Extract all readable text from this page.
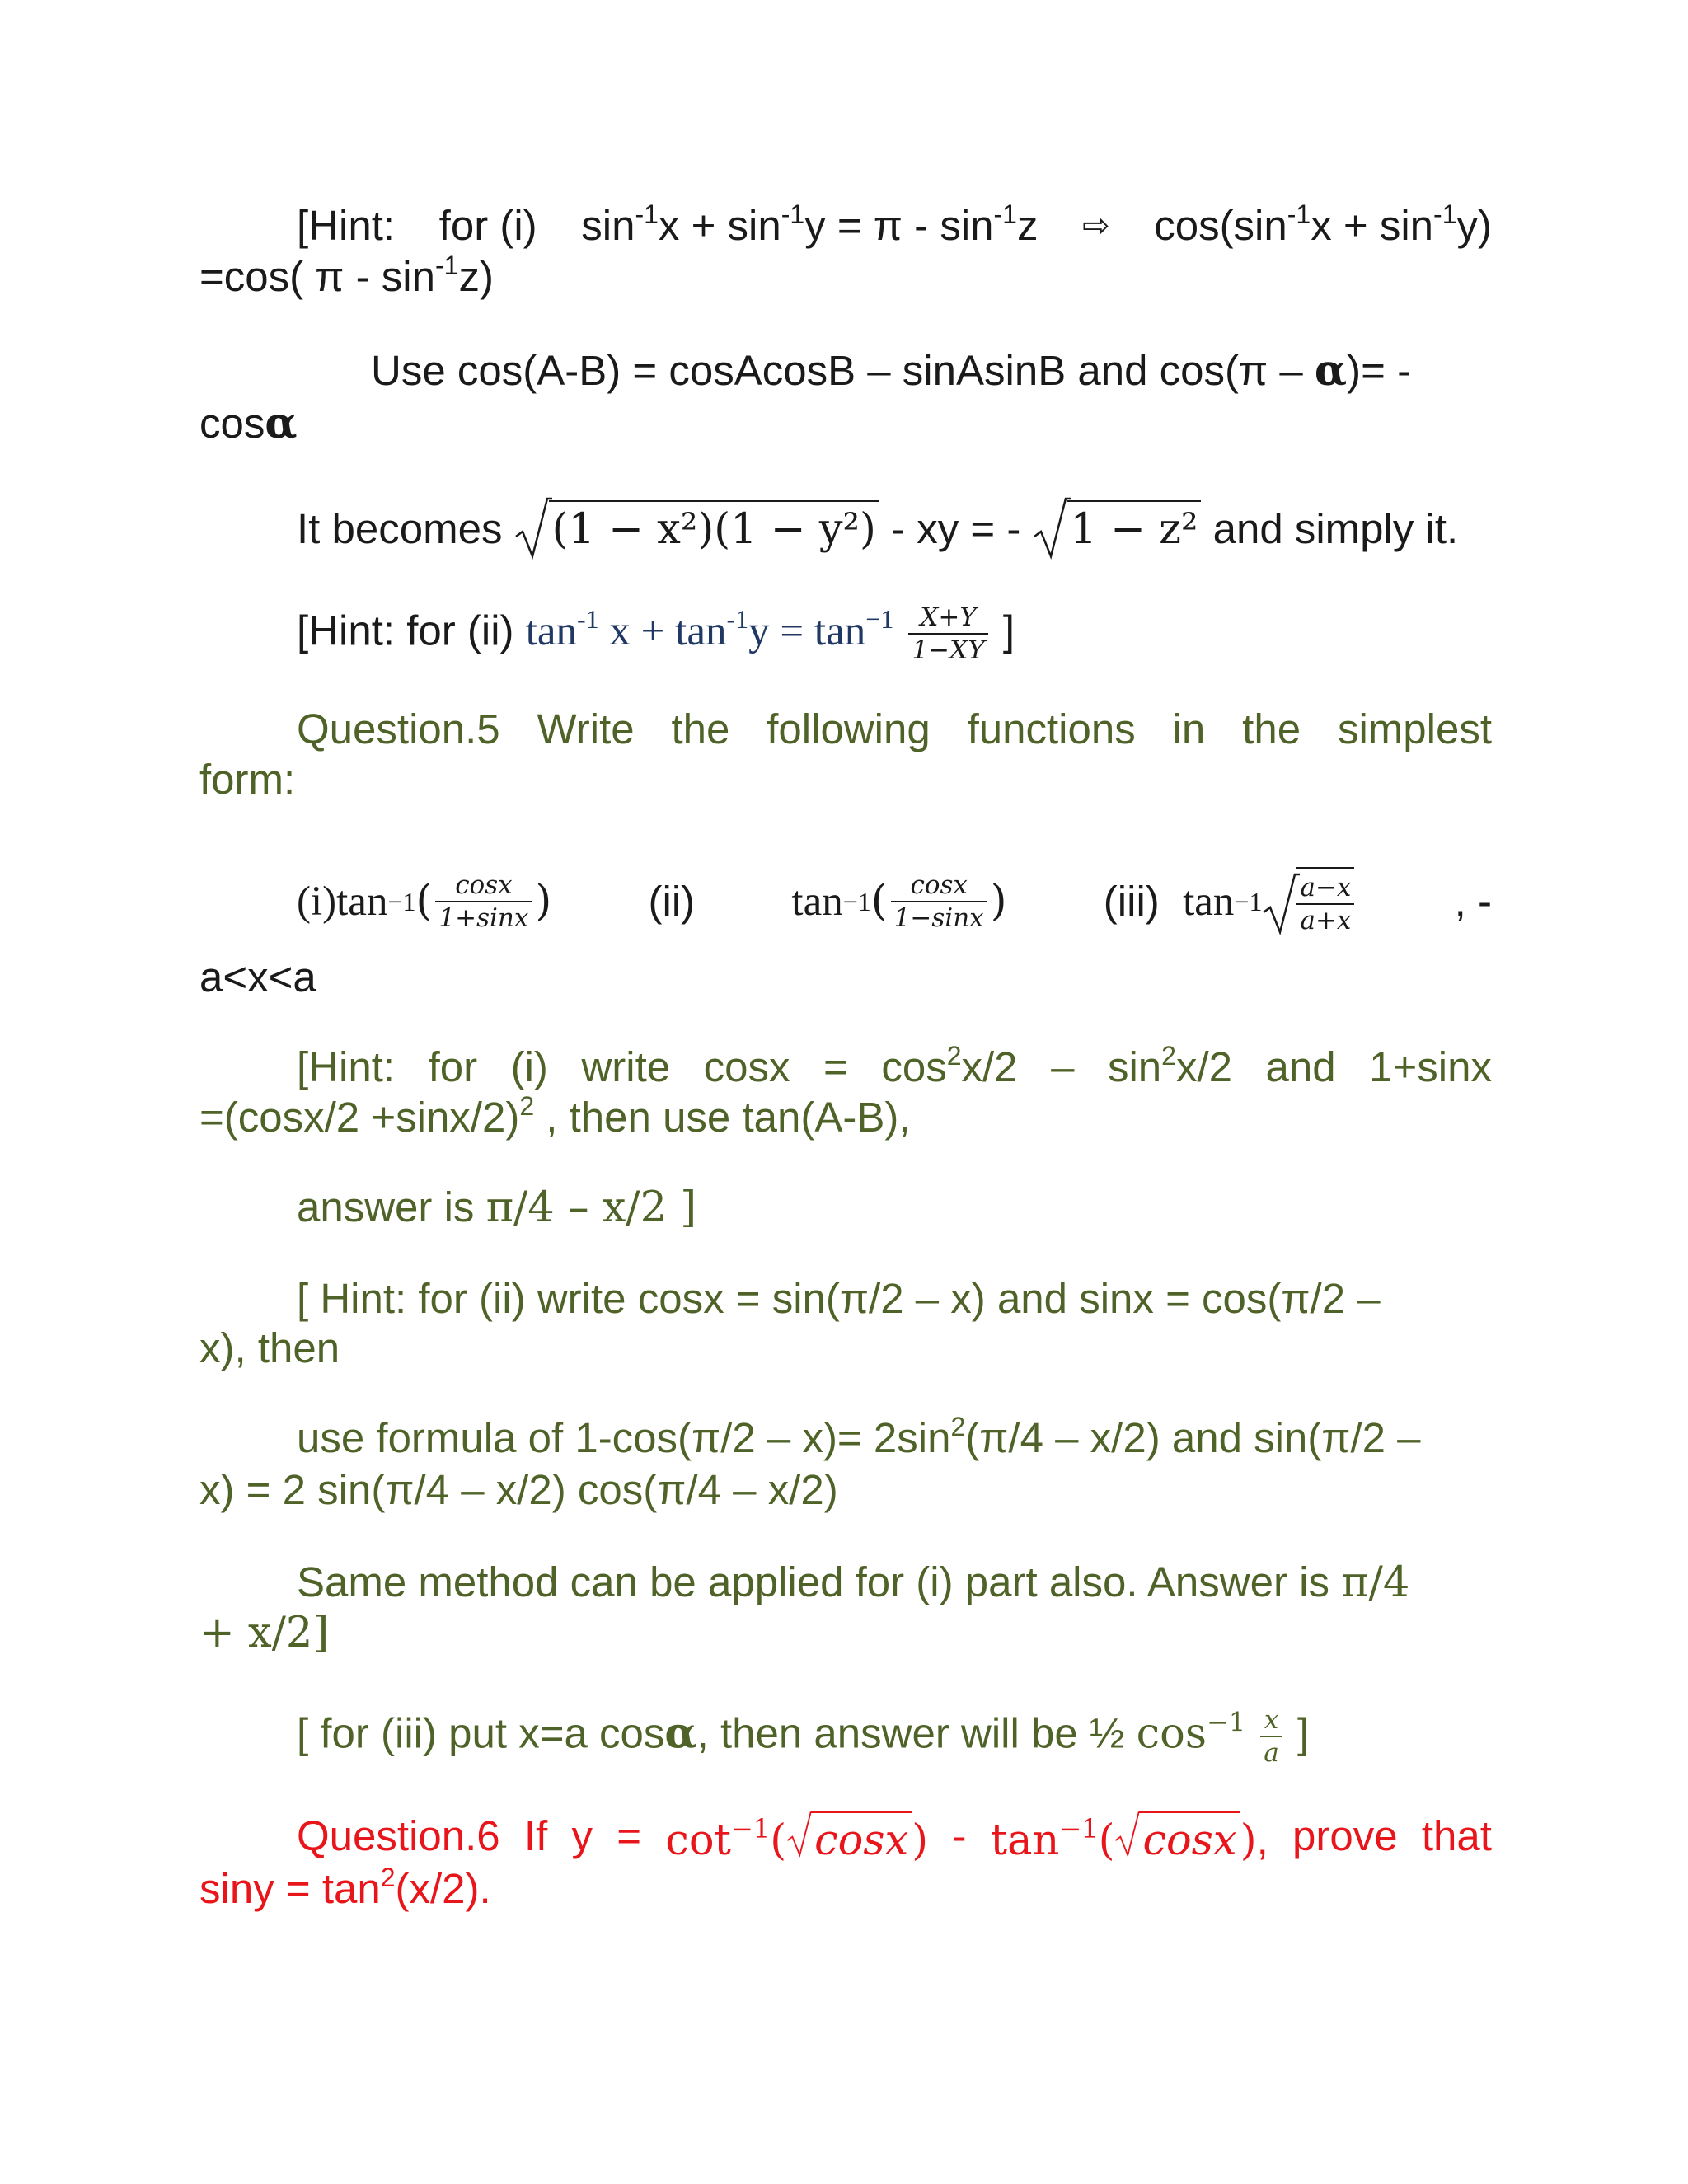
[Hint: for (i) $\sin^{-1}x + \sin^{-1}y = \pi - \sin^{-1}z$ ⇨ $\cos(\sin^{-1}x + \sin^{-1}y)$
=cos( π - $\sin^{-1}z$)
Use cos(A-B) = cosAcosB – sinAsinB and cos(π – α)= -
cosα
It becomes (1 − x²)(1 − y²) - xy = - 1 − z² and simply it.
[Hint: for (ii) $\tan^{-1} x + \tan^{-1}y = \tan^{-1} \frac{X+Y}{1-XY}$ ]
Question.5 Write the following functions in the simplest
form:
(i)tan −1 ( $\frac{\cos x}{1+\sin x}$ ) (ii) tan −1 ( $\frac{\cos x}{1-\sin x}$ ) (iii)
$\tan -1 \frac{a-x}{a+x}$ , -
a<x<a
[Hint: for (i) write $\cos x = \cos^2x/2 - \sin^2x/2$ and 1+sinx
$=(\cos x/2 +\sin x/2)^2$ , then use tan(A-B),
answer is π/4 – x/2 ]
[ Hint: for (ii) write cosx = sin(π/2 – x) and sinx = cos(π/2 –
x), then
use formula of $1-\cos(\pi/2 - x)= 2\sin^2(\pi/4 - x/2)$ and sin(π/2 –
x) = 2 sin(π/4 – x/2) cos(π/4 – x/2)
Same method can be applied for (i) part also. Answer is π/4
+ x/2]
[ for (iii) put x=a cosα, then answer will be ½ $\cos^{-1} \frac{x}{a}$ ]
Question.6 If $y = \cot^{-1}$( $\cos x) - \tan^{-1}$( cosx), prove that
$\sin y = \tan^2(x/2)$.
